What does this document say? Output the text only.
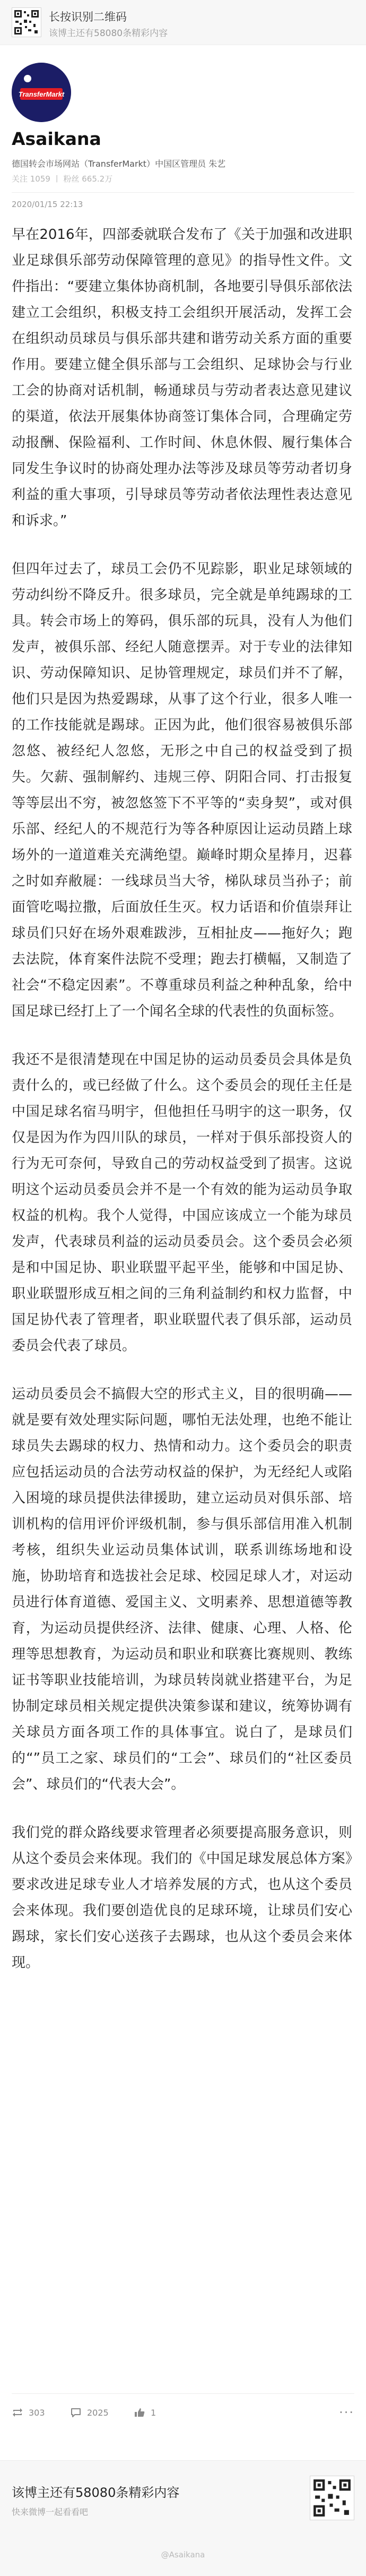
长按识别二维码
该博主还有58080条精彩内容
TransferMarkt
Asaikana
德国转会市场网站（TransferMarkt）中国区管理员 朱艺
关注 1059 丨 粉丝 665.2万
2020/01/15 22:13

早在2016年，四部委就联合发布了《关于加强和改进职业足球俱乐部劳动保障管理的意见》的指导性文件。文件指出：“要建立集体协商机制，各地要引导俱乐部依法建立工会组织，积极支持工会组织开展活动，发挥工会在组织动员球员与俱乐部共建和谐劳动关系方面的重要作用。要建立健全俱乐部与工会组织、足球协会与行业工会的协商对话机制，畅通球员与劳动者表达意见建议的渠道，依法开展集体协商签订集体合同，合理确定劳动报酬、保险福利、工作时间、休息休假、履行集体合同发生争议时的协商处理办法等涉及球员等劳动者切身利益的重大事项，引导球员等劳动者依法理性表达意见和诉求。”

但四年过去了，球员工会仍不见踪影，职业足球领域的劳动纠纷不降反升。很多球员，完全就是单纯踢球的工具。转会市场上的筹码，俱乐部的玩具，没有人为他们发声，被俱乐部、经纪人随意摆弄。对于专业的法律知识、劳动保障知识、足协管理规定，球员们并不了解，他们只是因为热爱踢球，从事了这个行业，很多人唯一的工作技能就是踢球。正因为此，他们很容易被俱乐部忽悠、被经纪人忽悠，无形之中自己的权益受到了损失。欠薪、强制解约、违规三停、阴阳合同、打击报复等等层出不穷，被忽悠签下不平等的“卖身契”，或对俱乐部、经纪人的不规范行为等各种原因让运动员踏上球场外的一道道难关充满绝望。巅峰时期众星捧月，迟暮之时如弃敝屣：一线球员当大爷，梯队球员当孙子；前面管吃喝拉撒，后面放任生灭。权力话语和价值崇拜让球员们只好在场外艰难跋涉，互相扯皮——拖好久；跑去法院，体育案件法院不受理；跑去打横幅，又制造了社会“不稳定因素”。不尊重球员利益之种种乱象，给中国足球已经打上了一个闻名全球的代表性的负面标签。

我还不是很清楚现在中国足协的运动员委员会具体是负责什么的，或已经做了什么。这个委员会的现任主任是中国足球名宿马明宇，但他担任马明宇的这一职务，仅仅是因为作为四川队的球员，一样对于俱乐部投资人的行为无可奈何，导致自己的劳动权益受到了损害。这说明这个运动员委员会并不是一个有效的能为运动员争取权益的机构。我个人觉得，中国应该成立一个能为球员发声，代表球员利益的运动员委员会。这个委员会必须是和中国足协、职业联盟平起平坐，能够和中国足协、职业联盟形成互相之间的三角利益制约和权力监督，中国足协代表了管理者，职业联盟代表了俱乐部，运动员委员会代表了球员。

运动员委员会不搞假大空的形式主义，目的很明确——就是要有效处理实际问题，哪怕无法处理，也绝不能让球员失去踢球的权力、热情和动力。这个委员会的职责应包括运动员的合法劳动权益的保护，为无经纪人或陷入困境的球员提供法律援助，建立运动员对俱乐部、培训机构的信用评价评级机制，参与俱乐部信用准入机制考核，组织失业运动员集体试训，联系训练场地和设施，协助培育和选拔社会足球、校园足球人才，对运动员进行体育道德、爱国主义、文明素养、思想道德等教育，为运动员提供经济、法律、健康、心理、人格、伦理等思想教育，为运动员和职业和联赛比赛规则、教练证书等职业技能培训，为球员转岗就业搭建平台，为足协制定球员相关规定提供决策参谋和建议，统筹协调有关球员方面各项工作的具体事宜。说白了，是球员们的“”员工之家、球员们的“工会”、球员们的“社区委员会”、球员们的“代表大会”。

我们党的群众路线要求管理者必须要提高服务意识，则从这个委员会来体现。我们的《中国足球发展总体方案》要求改进足球专业人才培养发展的方式，也从这个委员会来体现。我们要创造优良的足球环境，让球员们安心踢球，家长们安心送孩子去踢球，也从这个委员会来体现。

303	2025	1	···
该博主还有58080条精彩内容
快来微博一起看看吧
@Asaikana
